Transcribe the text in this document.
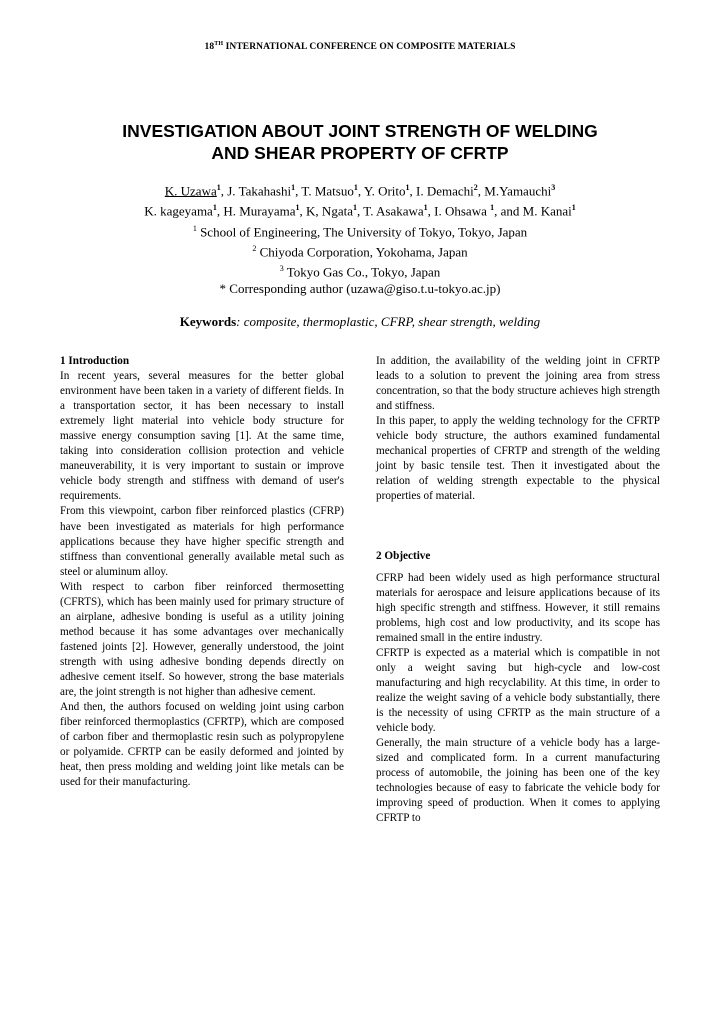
18TH INTERNATIONAL CONFERENCE ON COMPOSITE MATERIALS
INVESTIGATION ABOUT JOINT STRENGTH OF WELDING
AND SHEAR PROPERTY OF CFRTP
K. Uzawa$^1$, J. Takahashi$^1$, T. Matsuo$^1$, Y. Orito$^1$, I. Demachi$^2$, M.Yamauchi$^3$
K. kageyama$^1$, H. Murayama$^1$, K, Ngata$^1$, T. Asakawa$^1$, I. Ohsawa $^1$, and M. Kanai$^1$
$^1$ School of Engineering, The University of Tokyo, Tokyo, Japan
$^2$ Chiyoda Corporation, Yokohama, Japan
$^3$ Tokyo Gas Co., Tokyo, Japan
* Corresponding author (uzawa@giso.t.u-tokyo.ac.jp)
Keywords: composite, thermoplastic, CFRP, shear strength, welding

1 Introduction

In recent years, several measures for the better global environment have been taken in a variety of different fields. In a transportation sector, it has been necessary to install extremely light material into vehicle body structure for massive energy consumption saving [1]. At the same time, taking into consideration collision protection and vehicle maneuverability, it is very important to sustain or improve vehicle body strength and stiffness with demand of user's requirements.

From this viewpoint, carbon fiber reinforced plastics (CFRP) have been investigated as materials for high performance applications because they have higher specific strength and stiffness than conventional generally available metal such as steel or aluminum alloy.

With respect to carbon fiber reinforced thermosetting (CFRTS), which has been mainly used for primary structure of an airplane, adhesive bonding is useful as a utility joining method because it has some advantages over mechanically fastened joints [2]. However, generally understood, the joint strength with using adhesive bonding depends directly on adhesive cement itself. So however, strong the base materials are, the joint strength is not higher than adhesive cement.

And then, the authors focused on welding joint using carbon fiber reinforced thermoplastics (CFRTP), which are composed of carbon fiber and thermoplastic resin such as polypropylene or polyamide. CFRTP can be easily deformed and jointed by heat, then press molding and welding joint like metals can be used for their manufacturing.

In addition, the availability of the welding joint in CFRTP leads to a solution to prevent the joining area from stress concentration, so that the body structure achieves high strength and stiffness.

In this paper, to apply the welding technology for the CFRTP vehicle body structure, the authors examined fundamental mechanical properties of CFRTP and strength of the welding joint by basic tensile test. Then it investigated about the relation of welding strength expectable to the physical properties of material.

2 Objective

CFRP had been widely used as high performance structural materials for aerospace and leisure applications because of its high specific strength and stiffness. However, it still remains problems, high cost and low productivity, and its scope has remained small in the entire industry.

CFRTP is expected as a material which is compatible in not only a weight saving but high-cycle and low-cost manufacturing and high recyclability. At this time, in order to realize the weight saving of a vehicle body substantially, there is the necessity of using CFRTP as the main structure of a vehicle body.

Generally, the main structure of a vehicle body has a large-sized and complicated form. In a current manufacturing process of automobile, the joining has been one of the key technologies because of easy to fabricate the vehicle body for improving speed of production. When it comes to applying CFRTP to
